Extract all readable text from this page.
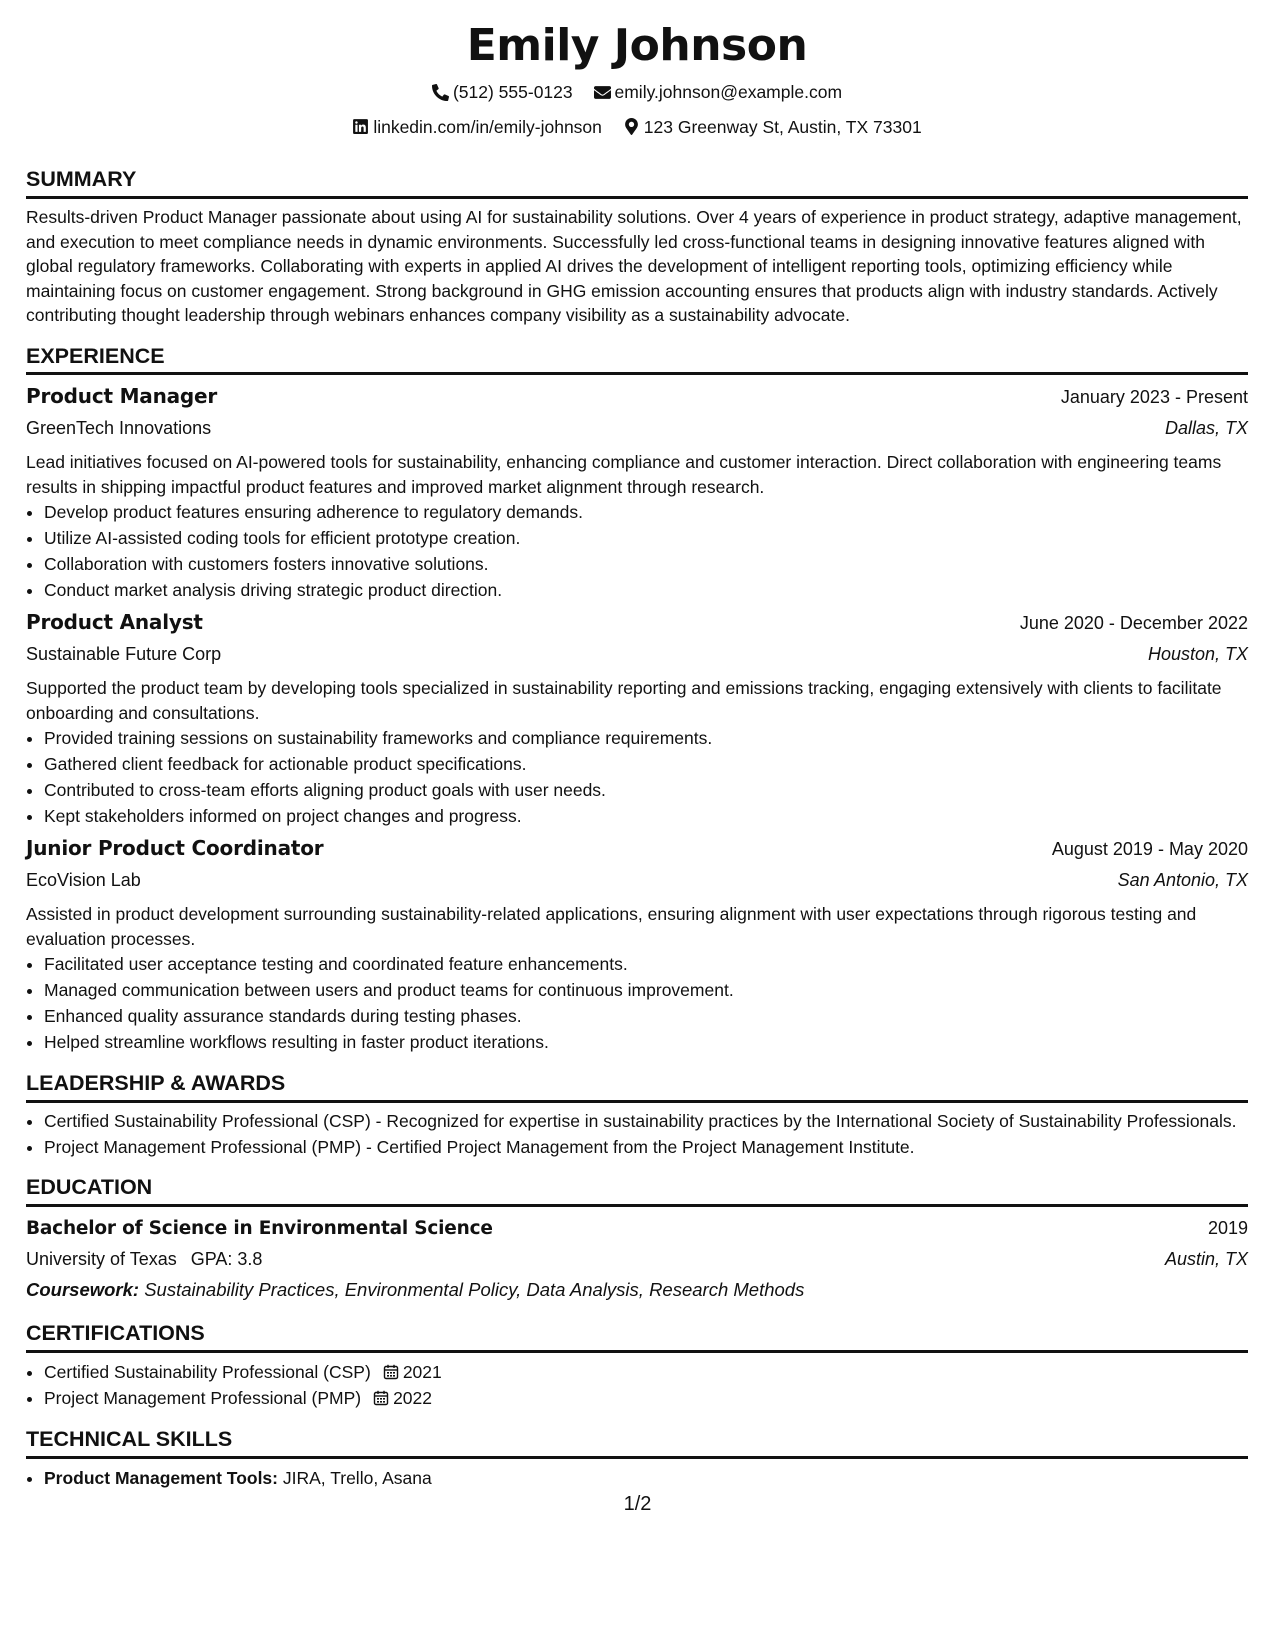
Emily Johnson
(512) 555-0123
emily.johnson@example.com
linkedin.com/in/emily-johnson
123 Greenway St, Austin, TX 73301
SUMMARY

Results-driven Product Manager passionate about using AI for sustainability solutions. Over 4 years of experience in product strategy, adaptive management, and execution to meet compliance needs in dynamic environments. Successfully led cross-functional teams in designing innovative features aligned with global regulatory frameworks. Collaborating with experts in applied AI drives the development of intelligent reporting tools, optimizing efficiency while maintaining focus on customer engagement. Strong background in GHG emission accounting ensures that products align with industry standards. Actively contributing thought leadership through webinars enhances company visibility as a sustainability advocate.

EXPERIENCE
Product Manager	January 2023 - Present
GreenTech Innovations	Dallas, TX

Lead initiatives focused on AI-powered tools for sustainability, enhancing compliance and customer interaction. Direct collaboration with engineering teams results in shipping impactful product features and improved market alignment through research.

• Develop product features ensuring adherence to regulatory demands.
• Utilize AI-assisted coding tools for efficient prototype creation.
• Collaboration with customers fosters innovative solutions.
• Conduct market analysis driving strategic product direction.
Product Analyst	June 2020 - December 2022
Sustainable Future Corp	Houston, TX

Supported the product team by developing tools specialized in sustainability reporting and emissions tracking, engaging extensively with clients to facilitate onboarding and consultations.

• Provided training sessions on sustainability frameworks and compliance requirements.
• Gathered client feedback for actionable product specifications.
• Contributed to cross-team efforts aligning product goals with user needs.
• Kept stakeholders informed on project changes and progress.
Junior Product Coordinator	August 2019 - May 2020
EcoVision Lab	San Antonio, TX

Assisted in product development surrounding sustainability-related applications, ensuring alignment with user expectations through rigorous testing and evaluation processes.

• Facilitated user acceptance testing and coordinated feature enhancements.
• Managed communication between users and product teams for continuous improvement.
• Enhanced quality assurance standards during testing phases.
• Helped streamline workflows resulting in faster product iterations.
LEADERSHIP & AWARDS
• Certified Sustainability Professional (CSP) - Recognized for expertise in sustainability practices by the International Society of Sustainability Professionals.
• Project Management Professional (PMP) - Certified Project Management from the Project Management Institute.
EDUCATION
Bachelor of Science in Environmental Science	2019
University of Texas GPA: 3.8	Austin, TX
Coursework: Sustainability Practices, Environmental Policy, Data Analysis, Research Methods
CERTIFICATIONS
• Certified Sustainability Professional (CSP) 2021
• Project Management Professional (PMP) 2022
TECHNICAL SKILLS
• Product Management Tools: JIRA, Trello, Asana
1/2
